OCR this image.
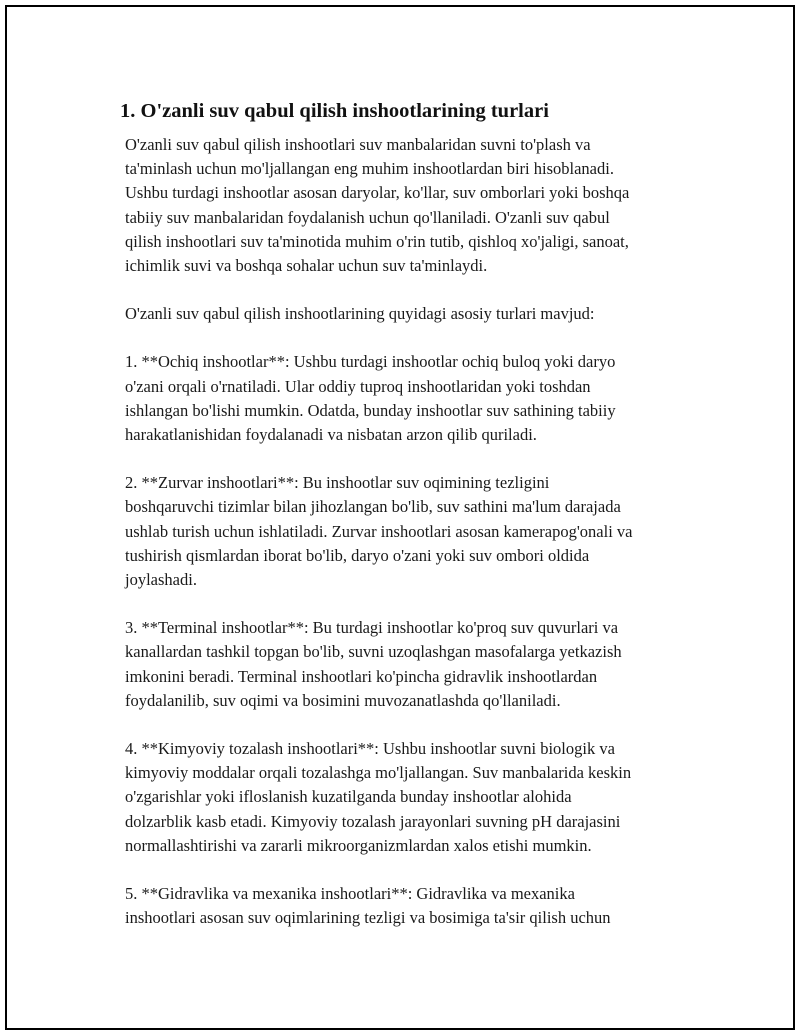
1. O'zanli suv qabul qilish inshootlarining turlari

O'zanli suv qabul qilish inshootlari suv manbalaridan suvni to'plash va
ta'minlash uchun mo'ljallangan eng muhim inshootlardan biri hisoblanadi.
Ushbu turdagi inshootlar asosan daryolar, ko'llar, suv omborlari yoki boshqa
tabiiy suv manbalaridan foydalanish uchun qo'llaniladi. O'zanli suv qabul
qilish inshootlari suv ta'minotida muhim o'rin tutib, qishloq xo'jaligi, sanoat,
ichimlik suvi va boshqa sohalar uchun suv ta'minlaydi.

O'zanli suv qabul qilish inshootlarining quyidagi asosiy turlari mavjud:

1. **Ochiq inshootlar**: Ushbu turdagi inshootlar ochiq buloq yoki daryo
o'zani orqali o'rnatiladi. Ular oddiy tuproq inshootlaridan yoki toshdan
ishlangan bo'lishi mumkin. Odatda, bunday inshootlar suv sathining tabiiy
harakatlanishidan foydalanadi va nisbatan arzon qilib quriladi.

2. **Zurvar inshootlari**: Bu inshootlar suv oqimining tezligini
boshqaruvchi tizimlar bilan jihozlangan bo'lib, suv sathini ma'lum darajada
ushlab turish uchun ishlatiladi. Zurvar inshootlari asosan kamerapog'onali va
tushirish qismlardan iborat bo'lib, daryo o'zani yoki suv ombori oldida
joylashadi.

3. **Terminal inshootlar**: Bu turdagi inshootlar ko'proq suv quvurlari va
kanallardan tashkil topgan bo'lib, suvni uzoqlashgan masofalarga yetkazish
imkonini beradi. Terminal inshootlari ko'pincha gidravlik inshootlardan
foydalanilib, suv oqimi va bosimini muvozanatlashda qo'llaniladi.

4. **Kimyoviy tozalash inshootlari**: Ushbu inshootlar suvni biologik va
kimyoviy moddalar orqali tozalashga mo'ljallangan. Suv manbalarida keskin
o'zgarishlar yoki ifloslanish kuzatilganda bunday inshootlar alohida
dolzarblik kasb etadi. Kimyoviy tozalash jarayonlari suvning pH darajasini
normallashtirishi va zararli mikroorganizmlardan xalos etishi mumkin.

5. **Gidravlika va mexanika inshootlari**: Gidravlika va mexanika
inshootlari asosan suv oqimlarining tezligi va bosimiga ta'sir qilish uchun
